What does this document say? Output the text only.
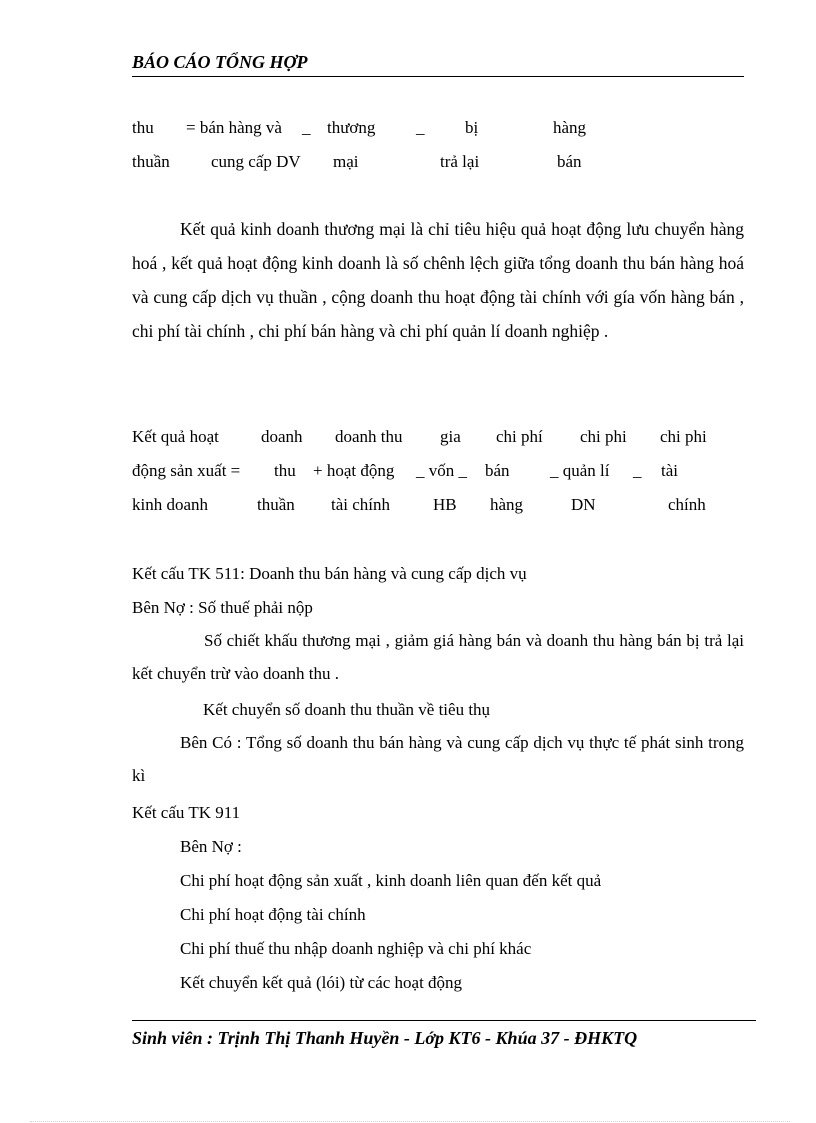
BÁO CÁO TỔNG HỢP
thu = bán hàng và _ thương _ bị	hàng
thuần cung cấp DV mại	trả lại	bán
Kết quả kinh doanh thương mại là chỉ tiêu hiệu quả hoạt động lưu chuyển hàng hoá , kết quả hoạt động kinh doanh là số chênh lệch giữa tổng doanh thu bán hàng hoá và cung cấp dịch vụ thuần , cộng doanh thu hoạt động tài chính với gía vốn hàng bán , chi phí tài chính , chi phí bán hàng và chi phí quản lí doanh nghiệp .
Kết quả hoạt doanh doanh thu gia chi phí chi phi chi phi
động sản xuất = thu + hoạt động _ vốn _ bán _ quản lí _ tài
kinh doanh	thuần tài chính	HB hàng	DN	chính
Kết cấu TK 511: Doanh thu bán hàng và cung cấp dịch vụ
Bên Nợ : Số thuế phải nộp
Số chiết khấu thương mại , giảm giá hàng bán và doanh thu hàng bán bị trả lại kết chuyển trừ vào doanh thu .
Kết chuyển số doanh thu thuần về tiêu thụ
Bên Có : Tổng số doanh thu bán hàng và cung cấp dịch vụ thực tế phát sinh trong kì
Kết cấu TK 911
Bên Nợ :
Chi phí hoạt động sản xuất , kinh doanh liên quan đến kết quả
Chi phí hoạt động tài chính
Chi phí thuế thu nhập doanh nghiệp và chi phí khác
Kết chuyển kết quả (lói) từ các hoạt động
Sinh viên : Trịnh Thị Thanh Huyền - Lớp KT6 - Khúa 37 - ĐHKTQ
